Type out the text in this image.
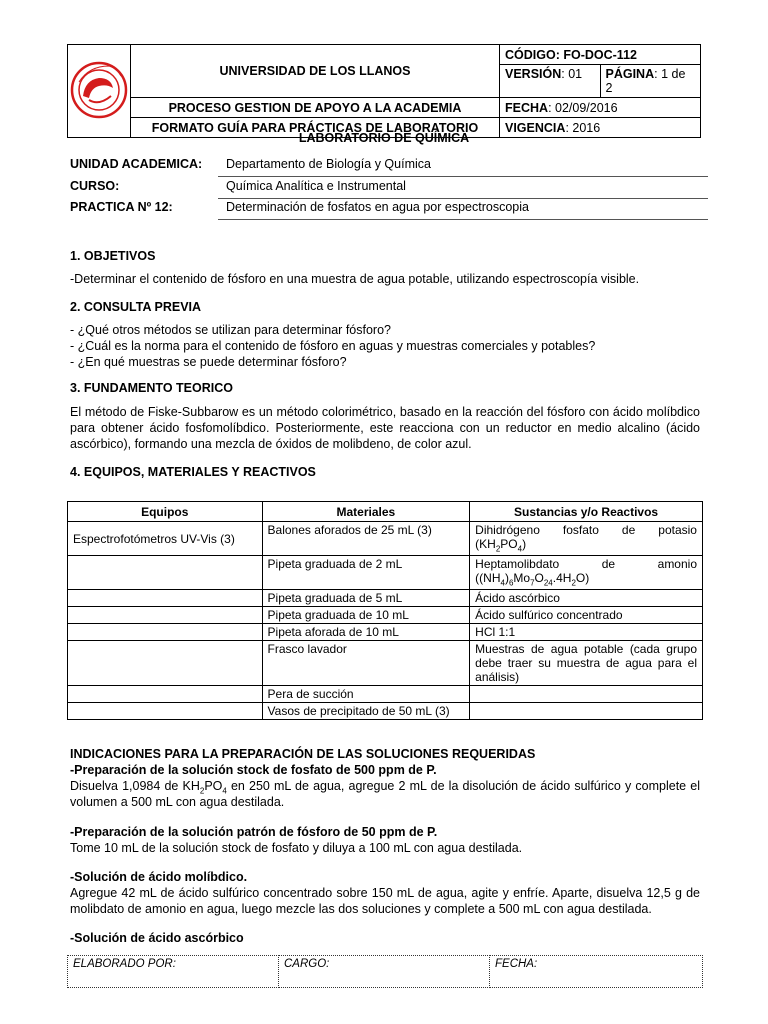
	UNIVERSIDAD DE LOS LLANOS	CÓDIGO: FO-DOC-112

		VERSIÓN: 01 PÁGINA: 1 de 2

	PROCESO GESTION DE APOYO A LA ACADEMIA	FECHA: 02/09/2016
	FORMATO GUÍA PARA PRÁCTICAS DE LABORATORIO	VIGENCIA: 2016
LABORATORIO DE QUÍMICA
UNIDAD ACADEMICA:	Departamento de Biología y Química
CURSO:	Química Analítica e Instrumental
PRACTICA Nº 12:	Determinación de fosfatos en agua por espectroscopia
1. OBJETIVOS
-Determinar el contenido de fósforo en una muestra de agua potable, utilizando espectroscopía visible.
2. CONSULTA PREVIA
- ¿Qué otros métodos se utilizan para determinar fósforo?
- ¿Cuál es la norma para el contenido de fósforo en aguas y muestras comerciales y potables?
- ¿En qué muestras se puede determinar fósforo?
3. FUNDAMENTO TEORICO
El método de Fiske-Subbarow es un método colorimétrico, basado en la reacción del fósforo con ácido molíbdico para obtener ácido fosfomolíbdico. Posteriormente, este reacciona con un reductor en medio alcalino (ácido ascórbico), formando una mezcla de óxidos de molibdeno, de color azul.
4. EQUIPOS, MATERIALES Y REACTIVOS
Equipos	Materiales	Sustancias y/o Reactivos
Espectrofotómetros UV-Vis (3)	Balones aforados de 25 mL (3)	Dihidrógeno fosfato de potasio
$(KH_2PO_4)$

	Pipeta graduada de 2 mL	Heptamolibdato de amonio
$((NH_4)_6Mo_7O_{24}.4H_2O)$

	Pipeta graduada de 5 mL	Ácido ascórbico
	Pipeta graduada de 10 mL	Ácido sulfúrico concentrado
	Pipeta aforada de 10 mL	HCl 1:1
	Frasco lavador	Muestras de agua potable (cada grupo debe traer su muestra de agua para el análisis)
	Pera de succión	
	Vasos de precipitado de 50 mL (3)	
INDICACIONES PARA LA PREPARACIÓN DE LAS SOLUCIONES REQUERIDAS
-Preparación de la solución stock de fosfato de 500 ppm de P.
Disuelva 1,0984 de $KH_2PO_4$ en 250 mL de agua, agregue 2 mL de la disolución de ácido sulfúrico y complete el volumen a 500 mL con agua destilada.
-Preparación de la solución patrón de fósforo de 50 ppm de P.
Tome 10 mL de la solución stock de fosfato y diluya a 100 mL con agua destilada.
-Solución de ácido molíbdico.
Agregue 42 mL de ácido sulfúrico concentrado sobre 150 mL de agua, agite y enfríe. Aparte, disuelva 12,5 g de molibdato de amonio en agua, luego mezcle las dos soluciones y complete a 500 mL con agua destilada.
-Solución de ácido ascórbico
ELABORADO POR:	CARGO:	FECHA:
